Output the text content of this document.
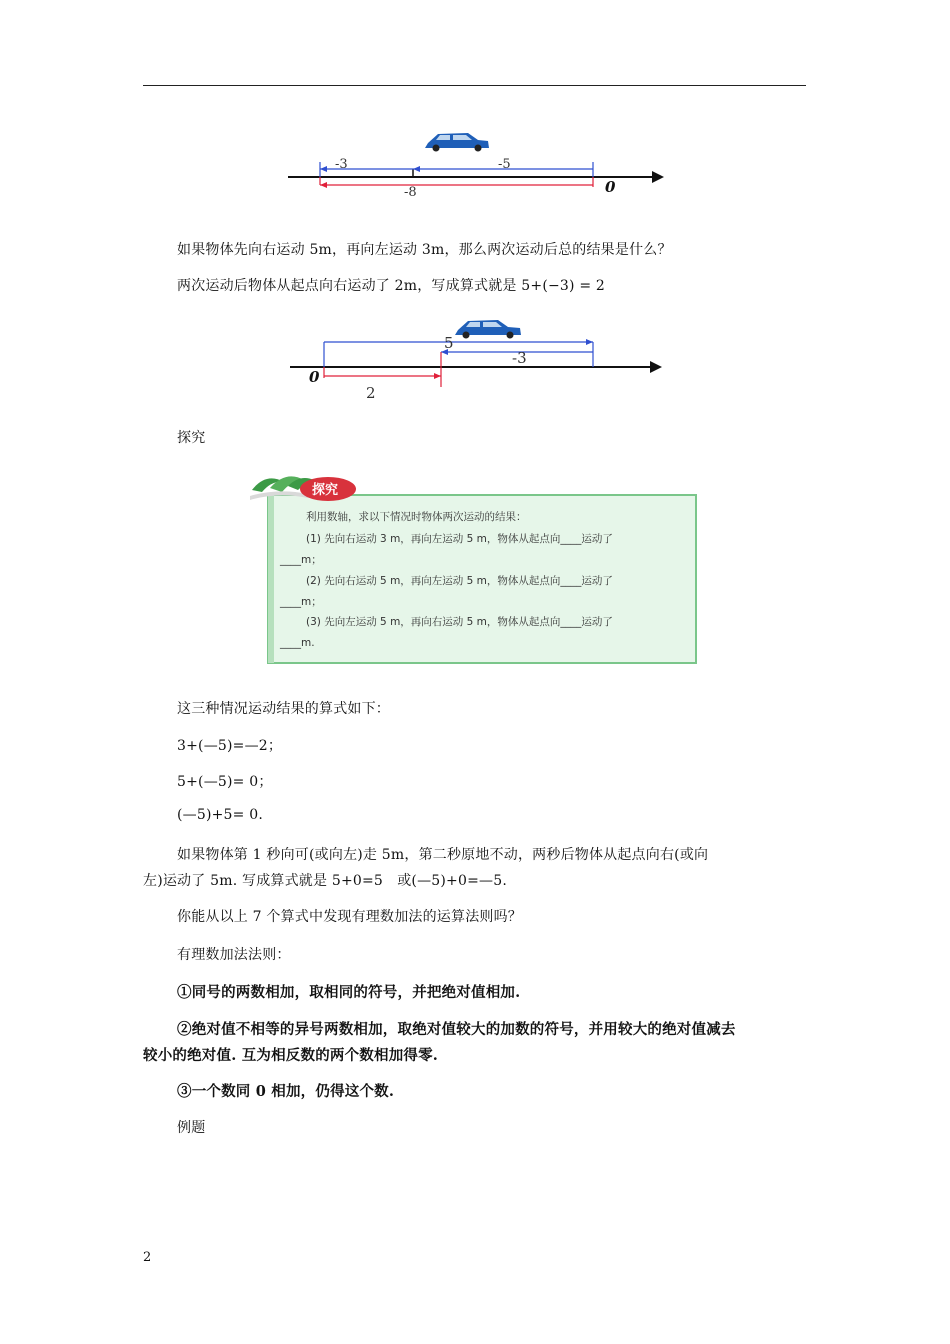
-3	-5
-8	0
如果物体先向右运动 5m，再向左运动 3m，那么两次运动后总的结果是什么？
两次运动后物体从起点向右运动了 2m，写成算式就是 5+(−3) = 2
5
-3
0
2
探究
探究
利用数轴，求以下情况时物体两次运动的结果：
(1) 先向右运动 3 m，再向左运动 5 m，物体从起点向____运动了
____m；
(2) 先向右运动 5 m，再向左运动 5 m，物体从起点向____运动了
____m；
(3) 先向左运动 5 m，再向右运动 5 m，物体从起点向____运动了
____m.
这三种情况运动结果的算式如下：
3+(—5)=—2；
5+(—5)= 0；
(—5)+5= 0.
如果物体第 1 秒向可(或向左)走 5m，第二秒原地不动，两秒后物体从起点向右(或向
左)运动了 5m. 写成算式就是 5+0=5　或(—5)+0=—5.
你能从以上 7 个算式中发现有理数加法的运算法则吗？
有理数加法法则：
①同号的两数相加，取相同的符号，并把绝对值相加.
②绝对值不相等的异号两数相加，取绝对值较大的加数的符号，并用较大的绝对值减去
较小的绝对值. 互为相反数的两个数相加得零.
③一个数同 0 相加，仍得这个数.
例题
2
